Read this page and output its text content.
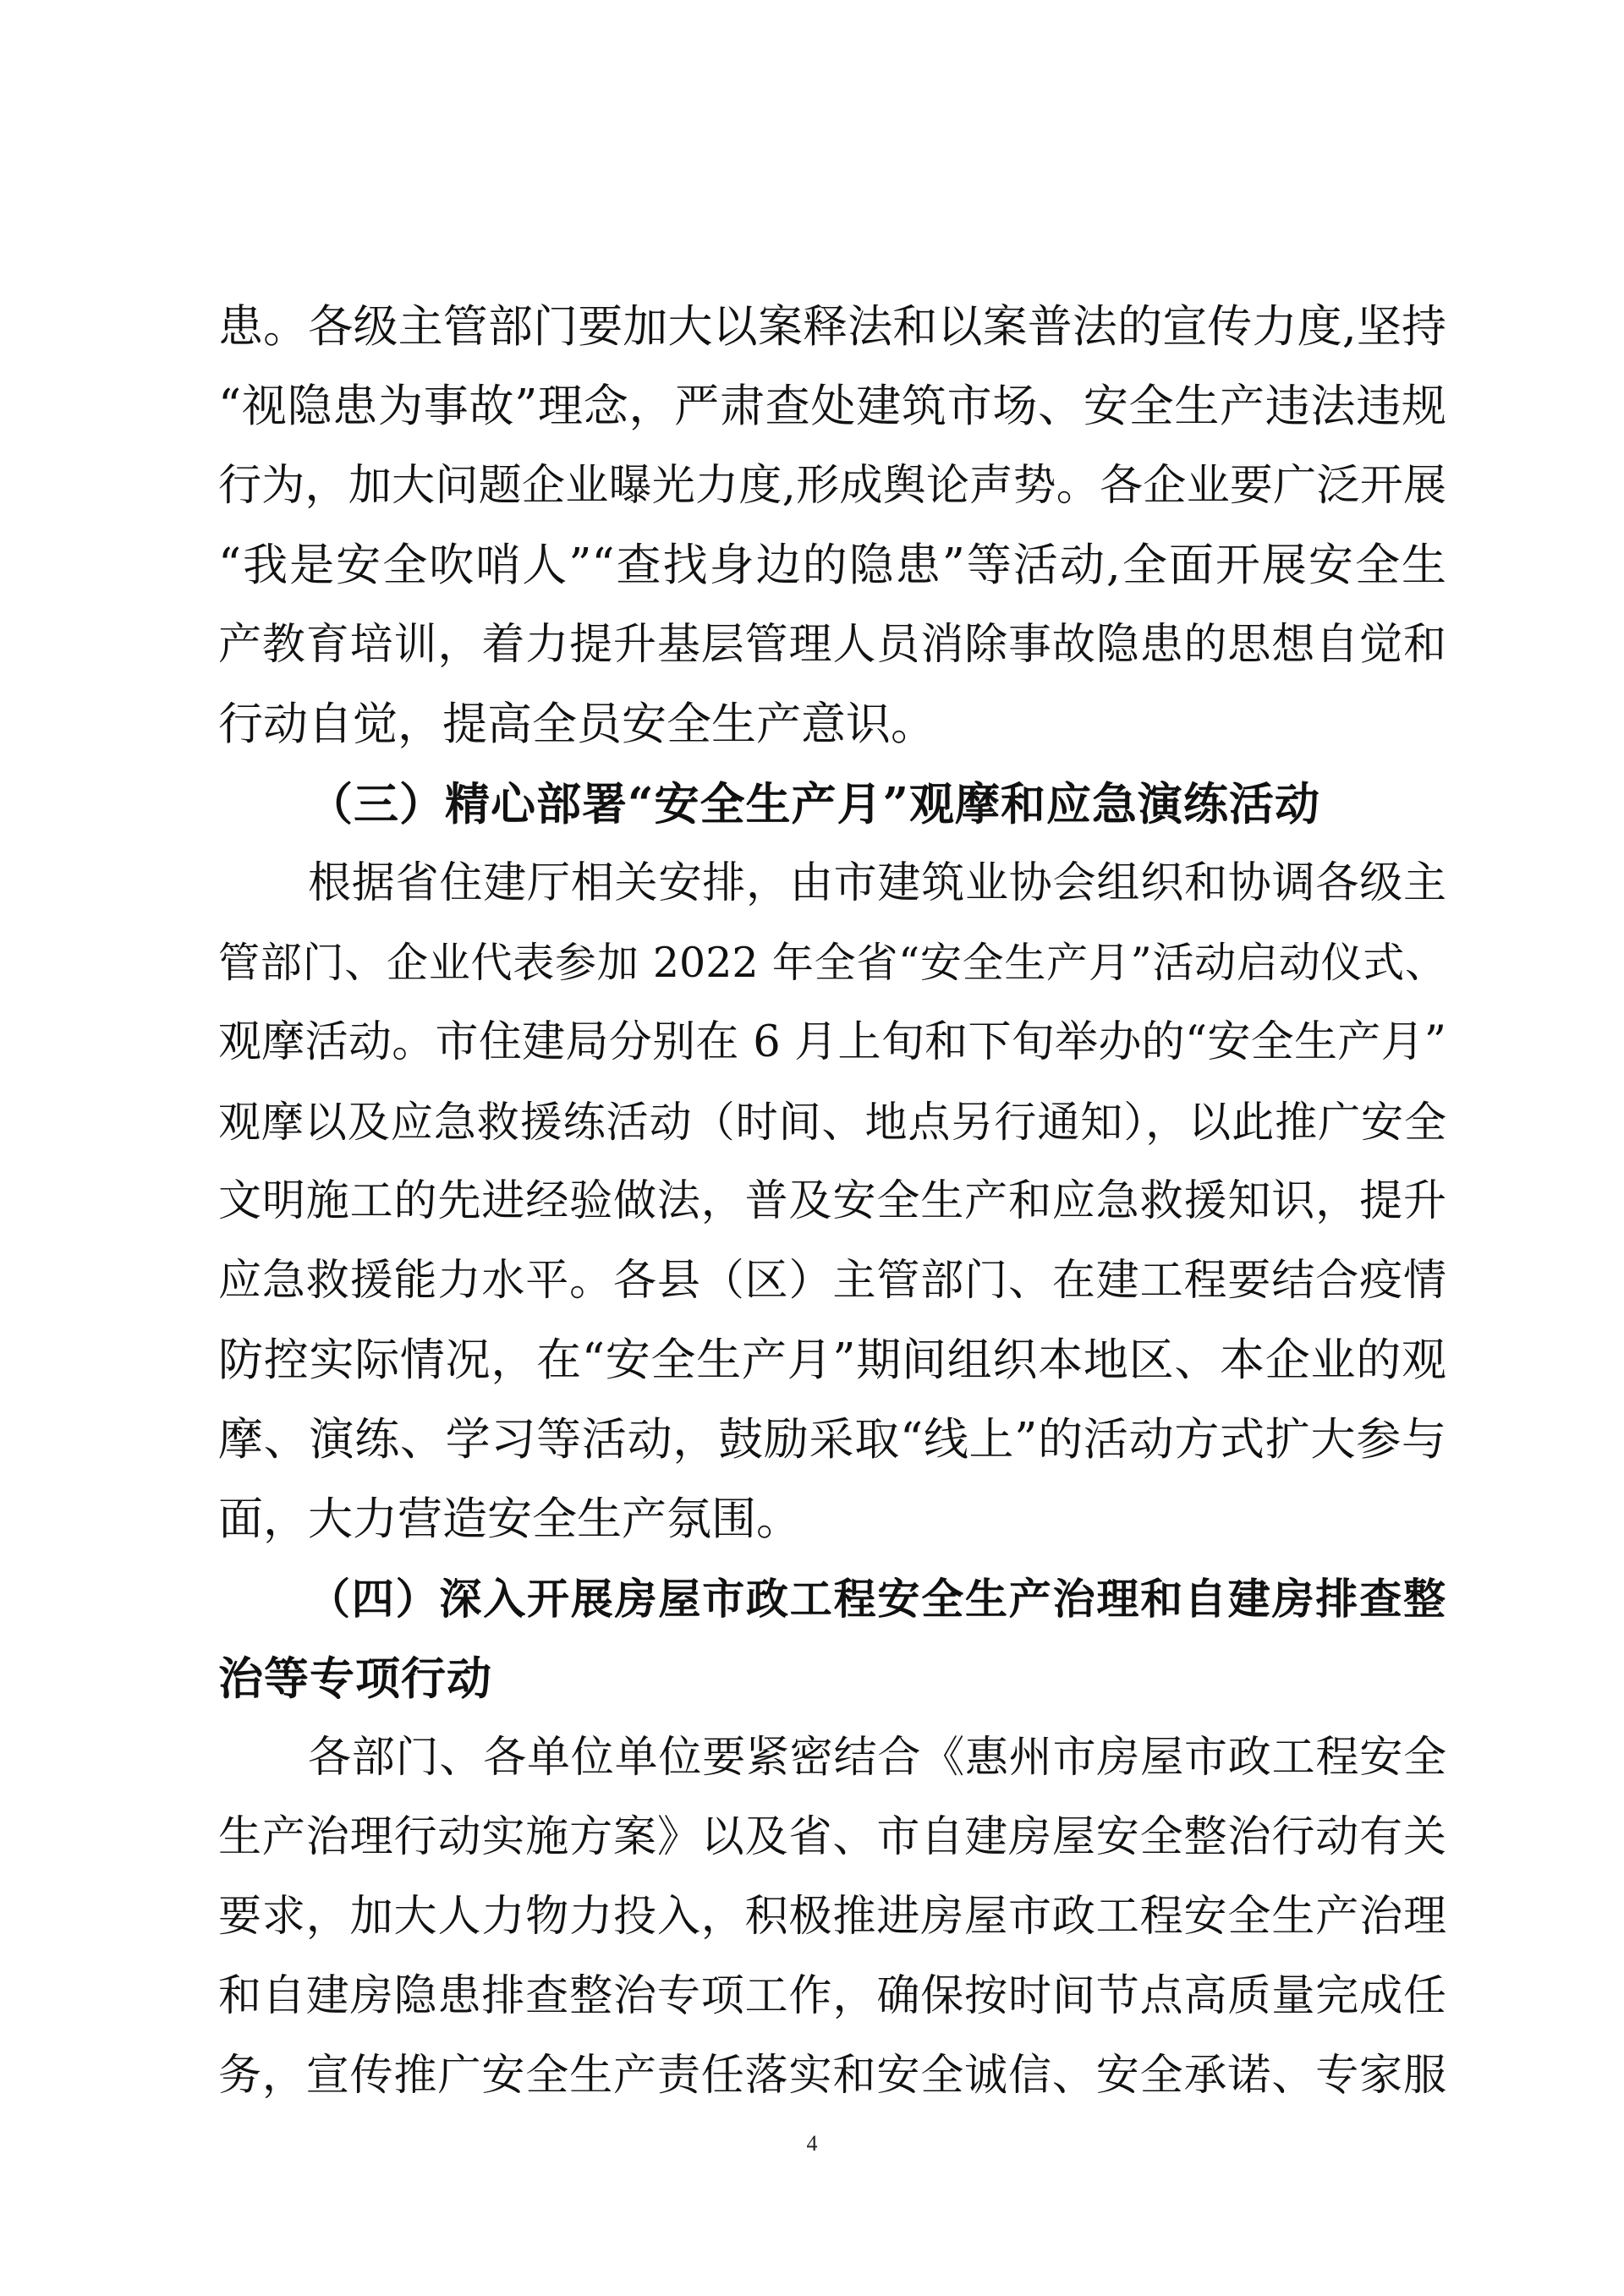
患。各级主管部门要加大以案释法和以案普法的宣传力度,坚持
“视隐患为事故”理念，严肃查处建筑市场、安全生产违法违规
行为，加大问题企业曝光力度,形成舆论声势。各企业要广泛开展
“我是安全吹哨人”“查找身边的隐患”等活动,全面开展安全生
产教育培训，着力提升基层管理人员消除事故隐患的思想自觉和
行动自觉，提高全员安全生产意识。
（三）精心部署“安全生产月”观摩和应急演练活动
根据省住建厅相关安排，由市建筑业协会组织和协调各级主
管部门、企业代表参加 2022 年全省“安全生产月”活动启动仪式、
观摩活动。市住建局分别在 6 月上旬和下旬举办的“安全生产月”
观摩以及应急救援练活动（时间、地点另行通知），以此推广安全
文明施工的先进经验做法，普及安全生产和应急救援知识，提升
应急救援能力水平。各县（区）主管部门、在建工程要结合疫情
防控实际情况，在“安全生产月”期间组织本地区、本企业的观
摩、演练、学习等活动，鼓励采取“线上”的活动方式扩大参与
面，大力营造安全生产氛围。
（四）深入开展房屋市政工程安全生产治理和自建房排查整
治等专项行动
各部门、各单位单位要紧密结合《惠州市房屋市政工程安全
生产治理行动实施方案》以及省、市自建房屋安全整治行动有关
要求，加大人力物力投入，积极推进房屋市政工程安全生产治理
和自建房隐患排查整治专项工作，确保按时间节点高质量完成任
务，宣传推广安全生产责任落实和安全诚信、安全承诺、专家服
4
